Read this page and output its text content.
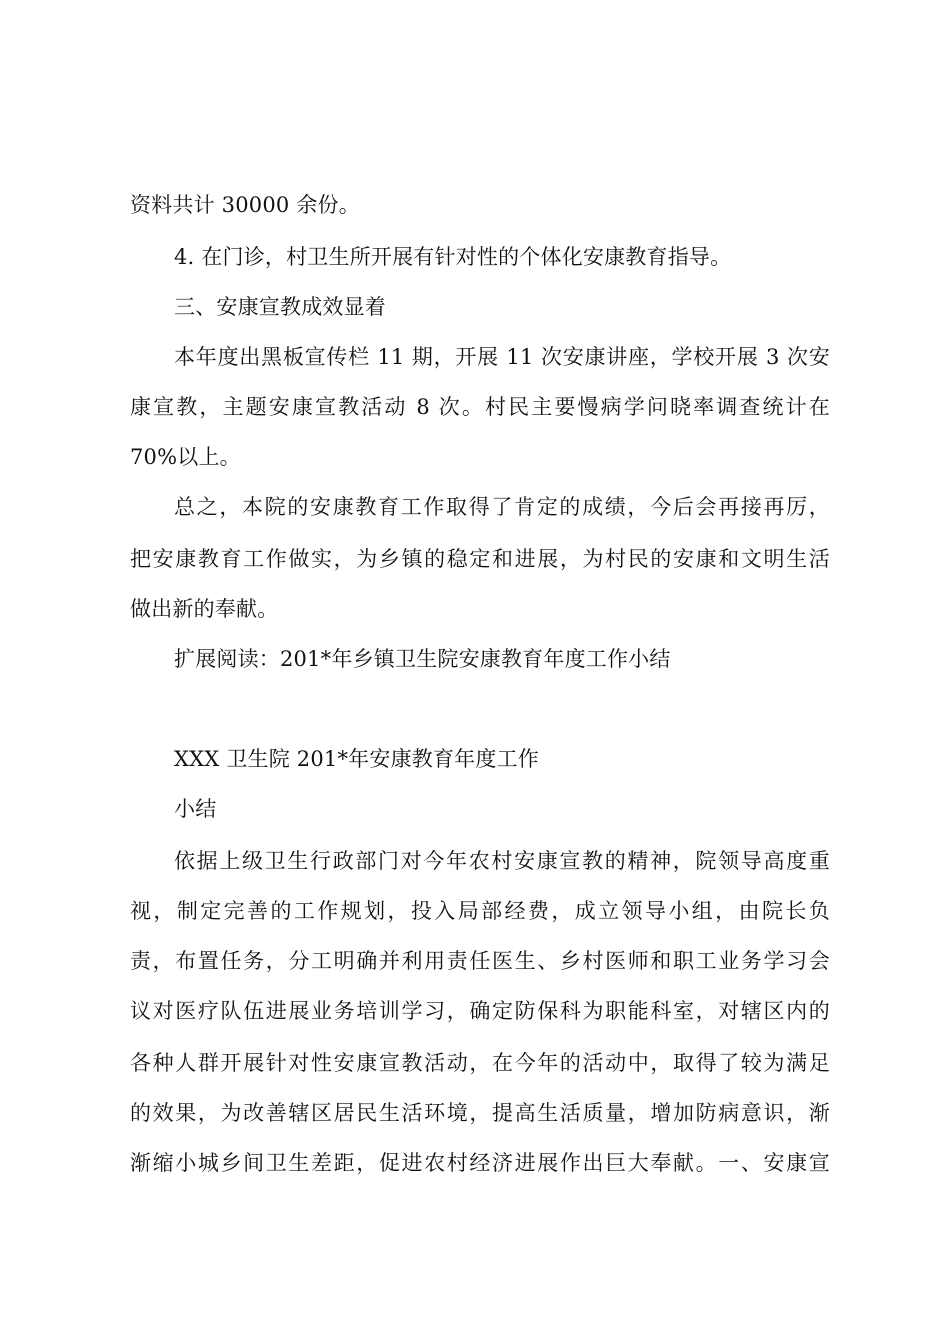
资料共计 30000 余份。
4. 在门诊，村卫生所开展有针对性的个体化安康教育指导。
三、安康宣教成效显着
本年度出黑板宣传栏 11 期，开展 11 次安康讲座，学校开展 3 次安
康宣教，主题安康宣教活动 8 次。村民主要慢病学问晓率调查统计在
70%以上。
总之，本院的安康教育工作取得了肯定的成绩，今后会再接再厉，
把安康教育工作做实，为乡镇的稳定和进展，为村民的安康和文明生活
做出新的奉献。
扩展阅读：201*年乡镇卫生院安康教育年度工作小结
XXX 卫生院 201*年安康教育年度工作
小结
依据上级卫生行政部门对今年农村安康宣教的精神，院领导高度重
视，制定完善的工作规划，投入局部经费，成立领导小组，由院长负
责，布置任务，分工明确并利用责任医生、乡村医师和职工业务学习会
议对医疗队伍进展业务培训学习，确定防保科为职能科室，对辖区内的
各种人群开展针对性安康宣教活动，在今年的活动中，取得了较为满足
的效果，为改善辖区居民生活环境，提高生活质量，增加防病意识，渐
渐缩小城乡间卫生差距，促进农村经济进展作出巨大奉献。一、安康宣
